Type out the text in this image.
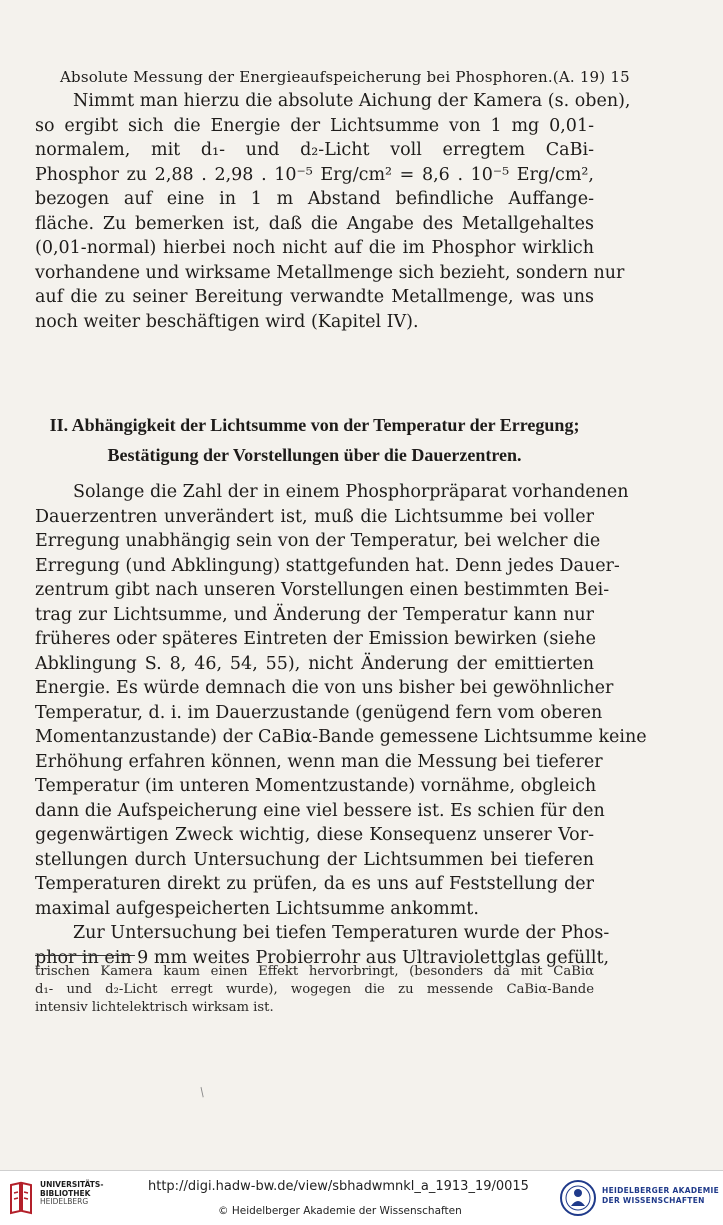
Absolute Messung der Energieaufspeicherung bei Phosphoren. (A. 19) 15
Nimmt man hierzu die absolute Aichung der Kamera (s. oben),
so ergibt sich die Energie der Lichtsumme von 1 mg 0,01-
normalem, mit d₁- und d₂-Licht voll erregtem CaBi-
Phosphor zu 2,88 . 2,98 . 10⁻⁵ Erg/cm² = 8,6 . 10⁻⁵ Erg/cm²,
bezogen auf eine in 1 m Abstand befindliche Auffange-
fläche. Zu bemerken ist, daß die Angabe des Metallgehaltes
(0,01-normal) hierbei noch nicht auf die im Phosphor wirklich
vorhandene und wirksame Metallmenge sich bezieht, sondern nur
auf die zu seiner Bereitung verwandte Metallmenge, was uns
noch weiter beschäftigen wird (Kapitel IV).
II. Abhängigkeit der Lichtsumme von der Temperatur der Erregung;
Bestätigung der Vorstellungen über die Dauerzentren.
Solange die Zahl der in einem Phosphorpräparat vorhandenen
Dauerzentren unverändert ist, muß die Lichtsumme bei voller
Erregung unabhängig sein von der Temperatur, bei welcher die
Erregung (und Abklingung) stattgefunden hat. Denn jedes Dauer-
zentrum gibt nach unseren Vorstellungen einen bestimmten Bei-
trag zur Lichtsumme, und Änderung der Temperatur kann nur
früheres oder späteres Eintreten der Emission bewirken (siehe
Abklingung S. 8, 46, 54, 55), nicht Änderung der emittierten
Energie. Es würde demnach die von uns bisher bei gewöhnlicher
Temperatur, d. i. im Dauerzustande (genügend fern vom oberen
Momentanzustande) der CaBiα-Bande gemessene Lichtsumme keine
Erhöhung erfahren können, wenn man die Messung bei tieferer
Temperatur (im unteren Momentzustande) vornähme, obgleich
dann die Aufspeicherung eine viel bessere ist. Es schien für den
gegenwärtigen Zweck wichtig, diese Konsequenz unserer Vor-
stellungen durch Untersuchung der Lichtsummen bei tieferen
Temperaturen direkt zu prüfen, da es uns auf Feststellung der
maximal aufgespeicherten Lichtsumme ankommt.
Zur Untersuchung bei tiefen Temperaturen wurde der Phos-
phor in ein 9 mm weites Probierrohr aus Ultraviolettglas gefüllt,
trischen Kamera kaum einen Effekt hervorbringt, (besonders da mit CaBiα
d₁- und d₂-Licht erregt wurde), wogegen die zu messende CaBiα-Bande
intensiv lichtelektrisch wirksam ist.
/
UNIVERSITÄTS-
BIBLIOTHEK
HEIDELBERG
http://digi.hadw-bw.de/view/sbhadwmnkl_a_1913_19/0015
© Heidelberger Akademie der Wissenschaften
HEIDELBERGER AKADEMIE
DER WISSENSCHAFTEN
